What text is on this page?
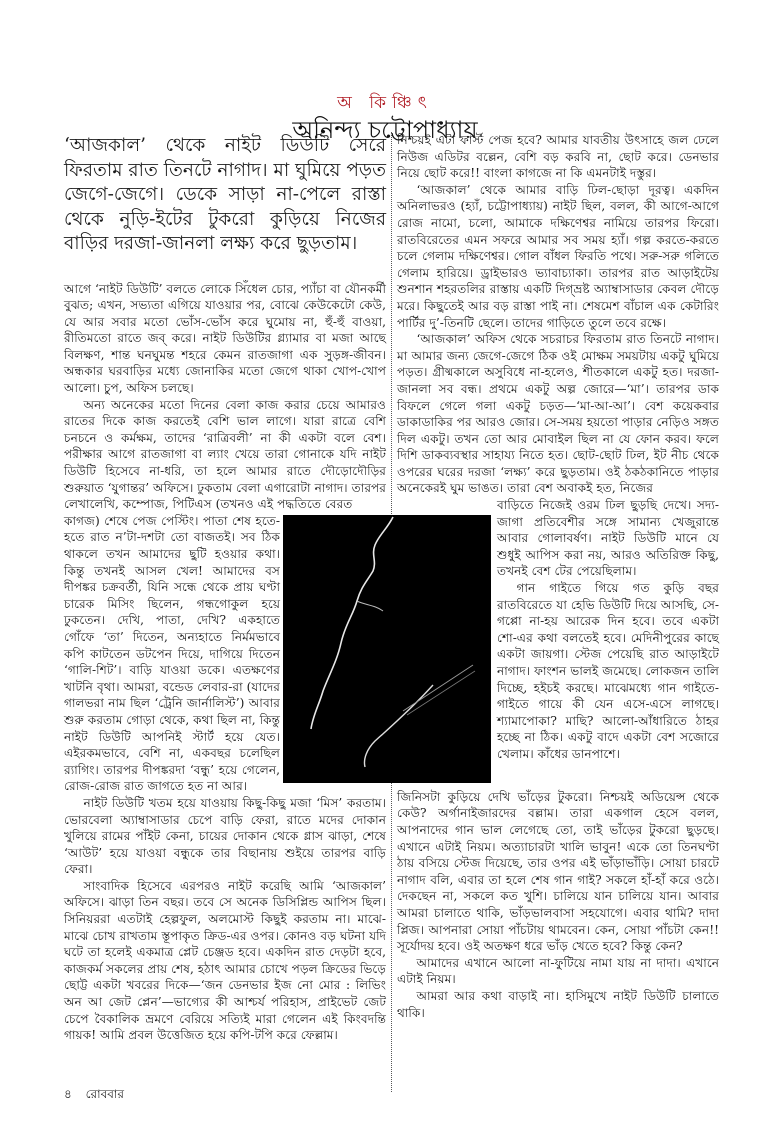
অ কিঞ্চিৎ
অনিন্দ্য চট্টোপাধ্যায়
‘আজকাল’ থেকে নাইট ডিউটি সেরে ফিরতাম রাত তিনটে নাগাদ। মা ঘুমিয়ে পড়ত জেগে-জেগে। ডেকে সাড়া না-পেলে রাস্তা থেকে নুড়ি-ইটের টুকরো কুড়িয়ে নিজের বাড়ির দরজা-জানলা লক্ষ্য করে ছুড়তাম।

আগে ‘নাইট ডিউটি’ বলতে লোকে সিঁধেল চোর, প্যাঁচা বা যৌনকর্মী বুঝত; এখন, সভ্যতা এগিয়ে যাওয়ার পর, বোঝে কেউকেটো কেউ, যে আর সবার মতো ভোঁস-ভোঁস করে ঘুমোয় না, হুঁ-হুঁ বাওয়া, রীতিমতো রাতে জব্ করে। নাইট ডিউটির গ্ল্যামার বা মজা আছে বিলক্ষণ, শান্ত ঘনঘুমন্ত শহরে কেমন রাতজাগা এক সুড়ঙ্গ-জীবন। অন্ধকার ঘরবাড়ির মধ্যে জোনাকির মতো জেগে থাকা খোপ-খোপ আলো। চুপ, অফিস চলছে।

অন্য অনেকের মতো দিনের বেলা কাজ করার চেয়ে আমারও রাতের দিকে কাজ করতেই বেশি ভাল লাগে। যারা রাত্রে বেশি চনচনে ও কর্মক্ষম, তাদের ‘রাত্রিবলী’ না কী একটা বলে বেশ। পরীক্ষার আগে রাতজাগা বা ল্যাং খেয়ে তারা গোনাকে যদি নাইট ডিউটি হিসেবে না-ধরি, তা হলে আমার রাতে দৌড়োদৌড়ির শুরুয়াত ‘যুগান্তর’ অফিসে। ঢুকতাম বেলা এগারোটা নাগাদ। তারপর লেখালেখি, কম্পোজ, পিটিএস (তখনও এই পদ্ধতিতে বেরত

কাগজ) শেষে পেজ পেস্টিং। পাতা শেষ হতে-হতে রাত ন’টা-দশটা তো বাজতই। সব ঠিক থাকলে তখন আমাদের ছুটি হওয়ার কথা। কিন্তু তখনই আসল খেল! আমাদের বস দীপঙ্কর চক্রবর্তী, যিনি সন্ধে থেকে প্রায় ঘণ্টা চারেক মিসিং ছিলেন, গন্ধগোকুল হয়ে ঢুকতেন। দেখি, পাতা, দেখি? একহাতে গোঁফে ‘তা’ দিতেন, অন্যহাতে নির্মমভাবে কপি কাটতেন ডটপেন দিয়ে, দাগিয়ে দিতেন ‘গালি-শিট’। বাড়ি যাওয়া ডকে। এতক্ষণের খাটনি বৃথা। আমরা, বন্ডেড লেবার-রা (যাদের গালভরা নাম ছিল ‘ট্রেনি জার্নালিস্ট’) আবার শুরু করতাম গোড়া থেকে, কথা ছিল না, কিন্তু নাইট ডিউটি আপনিই স্টার্ট হয়ে যেত। এইরকমভাবে, বেশি না, একবছর চলেছিল র‍্যাগিং। তারপর দীপঙ্করদা ‘বন্ধু’ হয়ে গেলেন, রোজ-রোজ রাত জাগতে হত না আর।

নাইট ডিউটি খতম হয়ে যাওয়ায় কিছু-কিছু মজা ‘মিস’ করতাম। ভোরবেলা অ্যাম্বাসাডার চেপে বাড়ি ফেরা, রাতে মদের দোকান খুলিয়ে রামের পাঁইট কেনা, চায়ের দোকান থেকে গ্লাস ঝাড়া, শেষে ‘আউট’ হয়ে যাওয়া বন্ধুকে তার বিছানায় শুইয়ে তারপর বাড়ি ফেরা।

সাংবাদিক হিসেবে এরপরও নাইট করেছি আমি ‘আজকাল’ অফিসে। ঝাড়া তিন বছর। তবে সে অনেক ডিসিপ্লিন্ড আপিস ছিল। সিনিয়ররা এতটাই হেল্পফুল, অলমোস্ট কিছুই করতাম না। মাঝে-মাঝে চোখ রাখতাম স্তূপাকৃত ক্রিড-এর ওপর। কোনও বড় ঘটনা যদি ঘটে তা হলেই একমাত্র প্লেট চেঞ্জড হবে। একদিন রাত দেড়টা হবে, কাজকর্ম সকলের প্রায় শেষ, হঠাৎ আমার চোখে পড়ল ক্রিডের ভিড়ে ছোট্ট একটা খবরের দিকে—‘জন ডেনভার ইজ নো মোর : লিভিং অন আ জেট প্লেন’—ভাগ্যের কী আশ্চর্য পরিহাস, প্রাইভেট জেট চেপে বৈকালিক ভ্রমণে বেরিয়ে সত্যিই মারা গেলেন এই কিংবদন্তি গায়ক! আমি প্রবল উত্তেজিত হয়ে কপি-টপি করে ফেল্লাম।

নিশ্চয়ই এটা ফার্স্ট পেজ হবে? আমার যাবতীয় উৎসাহে জল ঢেলে নিউজ এডিটর বল্লেন, বেশি বড় করবি না, ছোট করে। ডেনভার নিয়ে ছোট করে!! বাংলা কাগজে না কি এমনটাই দস্তুর।

‘আজকাল’ থেকে আমার বাড়ি ঢিল-ছোড়া দূরত্ব। একদিন অনিলাভরও (হ্যাঁ, চট্টোপাধ্যায়) নাইট ছিল, বলল, কী আগে-আগে রোজ নামো, চলো, আমাকে দক্ষিণেশ্বর নামিয়ে তারপর ফিরো। রাতবিরেতের এমন সফরে আমার সব সময় হ্যাঁ। গল্প করতে-করতে চলে গেলাম দক্ষিণেশ্বর। গোল বাঁধল ফিরতি পথে। সরু-সরু গলিতে গেলাম হারিয়ে। ড্রাইভারও ভ্যাবাচ্যাকা। তারপর রাত আড়াইটেয় শুনশান শহরতলির রাস্তায় একটি দিগ্‌ভ্রষ্ট অ্যাম্বাসাডার কেবল দৌড়ে মরে। কিছুতেই আর বড় রাস্তা পাই না। শেষমেশ বাঁচাল এক কেটারিং পার্টির দু’-তিনটি ছেলে। তাদের গাড়িতে তুলে তবে রক্ষে।

‘আজকাল’ অফিস থেকে সচরাচর ফিরতাম রাত তিনটে নাগাদ। মা আমার জন্য জেগে-জেগে ঠিক ওই মোক্ষম সময়টায় একটু ঘুমিয়ে পড়ত। গ্রীষ্মকালে অসুবিধে না-হলেও, শীতকালে একটু হত। দরজা-জানলা সব বন্ধ। প্রথমে একটু অল্প জোরে—‘মা’। তারপর ডাক বিফলে গেলে গলা একটু চড়ত—‘মা-আ-আ’। বেশ কয়েকবার ডাকাডাকির পর আরও জোর। সে-সময় হয়তো পাড়ার নেড়িও সঙ্গত দিল একটু। তখন তো আর মোবাইল ছিল না যে ফোন করব। ফলে দিশি ডাকব্যবস্থার সাহায্য নিতে হত। ছোট-ছোট ঢিল, ইট নীচ থেকে ওপরের ঘরের দরজা ‘লক্ষ্য’ করে ছুড়তাম। ওই ঠকঠকানিতে পাড়ার অনেকেরই ঘুম ভাঙত। তারা বেশ অবাকই হত, নিজের

বাড়িতে নিজেই ওরম ঢিল ছুড়ছি দেখে। সদ্য-জাগা প্রতিবেশীর সঙ্গে সামান্য খেজুরান্তে আবার গোলাবর্ষণ। নাইট ডিউটি মানে যে শুধুই আপিস করা নয়, আরও অতিরিক্ত কিছু, তখনই বেশ টের পেয়েছিলাম।

গান গাইতে গিয়ে গত কুড়ি বছর রাতবিরেতে যা হেভি ডিউটি দিয়ে আসছি, সে-গপ্পো না-হয় আরেক দিন হবে। তবে একটা শো-এর কথা বলতেই হবে। মেদিনীপুরের কাছে একটা জায়গা। স্টেজ পেয়েছি রাত আড়াইটে নাগাদ। ফাংশন ভালই জমেছে। লোকজন তালি দিচ্ছে, হইচই করছে। মাঝেমধ্যে গান গাইতে-গাইতে গায়ে কী যেন এসে-এসে লাগছে। শ্যামাপোকা? মাছি? আলো-আঁধারিতে ঠাহর হচ্ছে না ঠিক। একটু বাদে একটা বেশ সজোরে খেলাম। কাঁধের ডানপাশে।

জিনিসটা কুড়িয়ে দেখি ভাঁড়ের টুকরো। নিশ্চয়ই অডিয়েন্স থেকে কেউ? অর্গানাইজারদের বল্লাম। তারা একগাল হেসে বলল, আপনাদের গান ভাল লেগেছে তো, তাই ভাঁড়ের টুকরো ছুড়ছে। এখানে এটাই নিয়ম। অত্যাচারটা খালি ভাবুন! একে তো তিনঘণ্টা ঠায় বসিয়ে স্টেজ দিয়েছে, তার ওপর এই ভাঁড়াভাঁড়ি। সোয়া চারটে নাগাদ বলি, এবার তা হলে শেষ গান গাই? সকলে হাঁ-হাঁ করে ওঠে। দেকছেন না, সকলে কত খুশি। চালিয়ে যান চালিয়ে যান। আবার আমরা চালাতে থাকি, ভাঁড়ভালবাসা সহযোগে। এবার থামি? দাদা প্লিজ। আপনারা সোয়া পাঁচটায় থামবেন। কেন, সোয়া পাঁচটা কেন!! সূর্যোদয় হবে। ওই অতক্ষণ ধরে ভাঁড় খেতে হবে? কিন্তু কেন?

আমাদের এখানে আলো না-ফুটিয়ে নামা যায় না দাদা। এখানে এটাই নিয়ম।

আমরা আর কথা বাড়াই না। হাসিমুখে নাইট ডিউটি চালাতে থাকি।

৪ রোববার
